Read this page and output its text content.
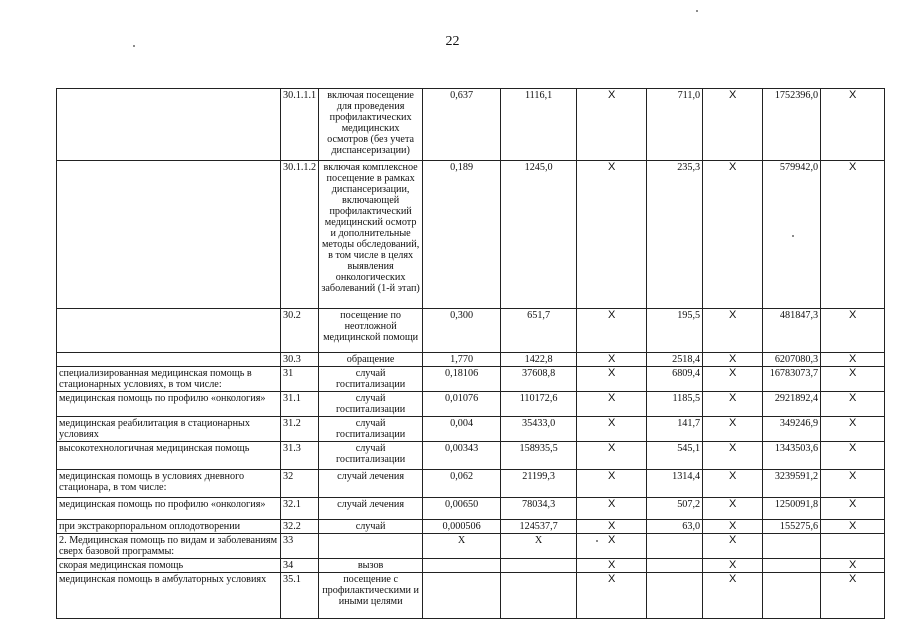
22
	30.1.1.1	включая посещение для проведения профилактических медицинских осмотров (без учета диспансеризации)	0,637	1116,1	X	711,0	X	1752396,0	X
	30.1.1.2	включая комплексное посещение в рамках диспансеризации, включающей профилактический медицинский осмотр и дополнительные методы обследований, в том числе в целях выявления онкологических заболеваний (1-й этап)	0,189	1245,0	X	235,3	X	579942,0	X
	30.2	посещение по неотложной медицинской помощи	0,300	651,7	X	195,5	X	481847,3	X
	30.3	обращение	1,770	1422,8	X	2518,4	X	6207080,3	X
специализированная медицинская помощь в стационарных условиях, в том числе:	31	случай госпитализации	0,18106	37608,8	X	6809,4	X	16783073,7	X
медицинская помощь по профилю «онкология»	31.1	случай госпитализации	0,01076	110172,6	X	1185,5	X	2921892,4	X
медицинская реабилитация в стационарных условиях	31.2	случай госпитализации	0,004	35433,0	X	141,7	X	349246,9	X
высокотехнологичная медицинская помощь	31.3	случай госпитализации	0,00343	158935,5	X	545,1	X	1343503,6	X
медицинская помощь в условиях дневного стационара, в том числе:	32	случай лечения	0,062	21199,3	X	1314,4	X	3239591,2	X
медицинская помощь по профилю «онкология»	32.1	случай лечения	0,00650	78034,3	X	507,2	X	1250091,8	X
при экстракорпоральном оплодотворении	32.2	случай	0,000506	124537,7	X	63,0	X	155275,6	X
2. Медицинская помощь по видам и заболеваниям сверх базовой программы:	33		X	X	X		X		
скорая медицинская помощь	34	вызов			X		X		X
медицинская помощь в амбулаторных условиях	35.1	посещение с профилактическими и иными целями			X		X		X
